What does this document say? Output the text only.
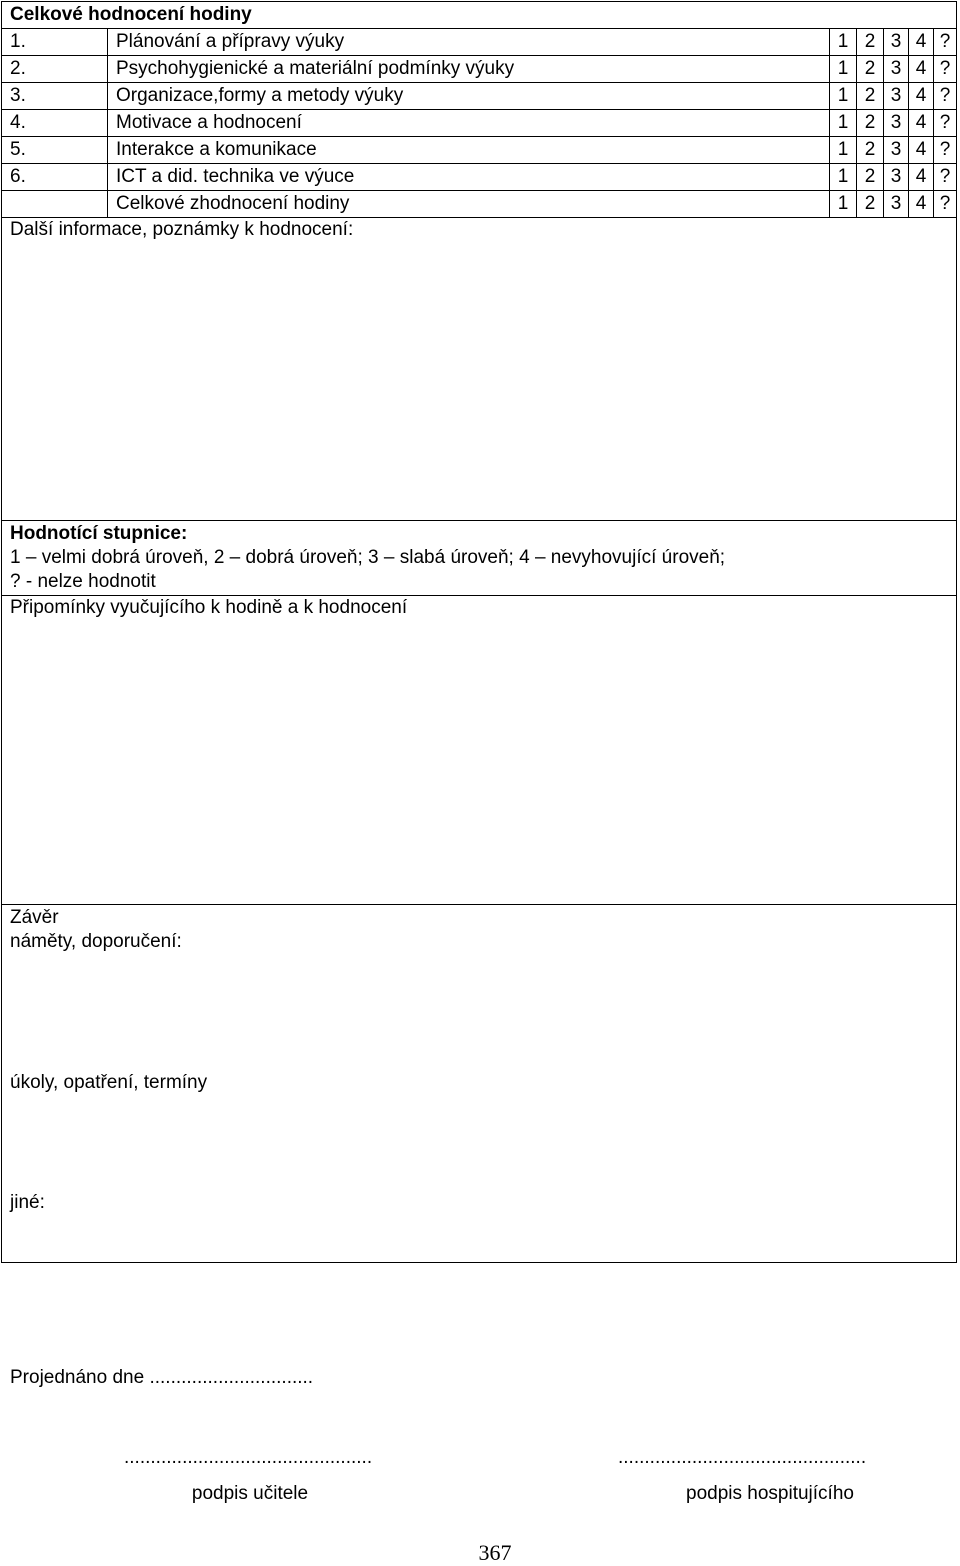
Celkové hodnocení hodiny						
1.	Plánování a přípravy výuky	1	2	3	4	?
2.	Psychohygienické a materiální podmínky výuky	1	2	3	4	?
3.	Organizace,formy a metody výuky	1	2	3	4	?
4.	Motivace a hodnocení	1	2	3	4	?
5.	Interakce a komunikace	1	2	3	4	?
6.	ICT a did. technika ve výuce	1	2	3	4	?
	Celkové zhodnocení hodiny	1	2	3	4	?
Další informace, poznámky k hodnocení:						

Hodnotící stupnice:
1 – velmi dobrá úroveň, 2 – dobrá úroveň; 3 – slabá úroveň; 4 – nevyhovující úroveň;
? - nelze hodnotit						

Připomínky vyučujícího k hodině a k hodnocení						

Závěr
náměty, doporučení:
úkoly, opatření, termíny
jiné:						
Projednáno dne ...............................
...............................................	...............................................
podpis učitele	podpis hospitujícího
367
